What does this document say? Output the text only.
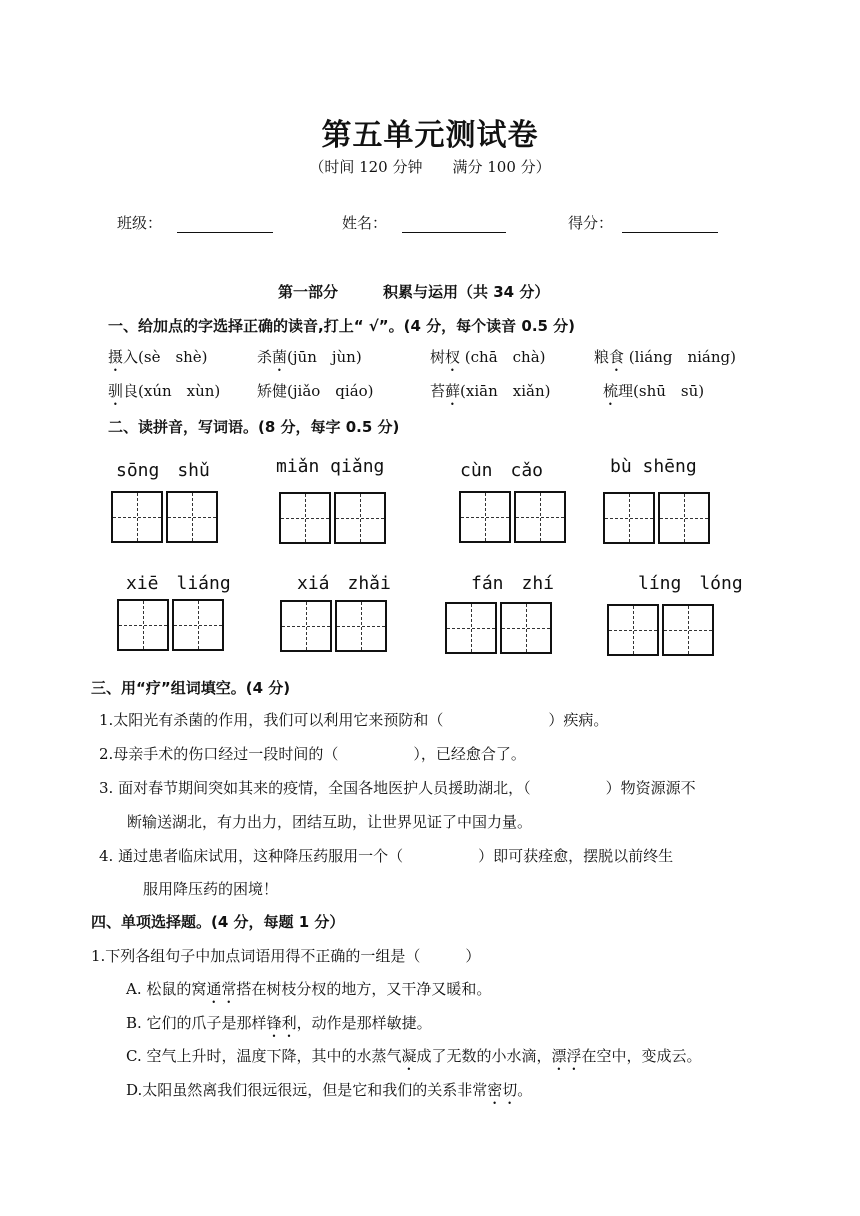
第五单元测试卷
（时间 120 分钟　　满分 100 分）
班级：	姓名：	得分：
第一部分　　　积累与运用（共 34 分）
一、给加点的字选择正确的读音,打上“ √”。(4 分，每个读音 0.5 分)
摄入(sè　shè)	杀菌(jūn　jùn)	树杈 (chā　chà)	粮食 (liáng　niáng)
驯良(xún　xùn) 矫健(jiǎo　qiáo)	苔藓(xiān　xiǎn)	梳理(shū　sū)
二、读拼音，写词语。(8 分，每字 0.5 分)
sōng　shǔ	miǎn qiǎng	cùn　cǎo	bù shēng
xiē　liáng	xiá　zhǎi	fán　zhí	líng　lóng
三、用“疗”组词填空。(4 分)
1.太阳光有杀菌的作用，我们可以利用它来预防和（　　　　　　　）疾病。
2.母亲手术的伤口经过一段时间的（　　　　　），已经愈合了。
3. 面对春节期间突如其来的疫情，全国各地医护人员援助湖北，（　　　　　）物资源源不
断输送湖北，有力出力，团结互助，让世界见证了中国力量。
4. 通过患者临床试用，这种降压药服用一个（　　　　　）即可获痊愈，摆脱以前终生
服用降压药的困境！
四、单项选择题。(4 分，每题 1 分）
1.下列各组句子中加点词语用得不正确的一组是（　　　）
A. 松鼠的窝通常搭在树枝分杈的地方，又干净又暖和。
B. 它们的爪子是那样锋利，动作是那样敏捷。
C. 空气上升时，温度下降，其中的水蒸气凝成了无数的小水滴，漂浮在空中，变成云。
D.太阳虽然离我们很远很远，但是它和我们的关系非常密切。
